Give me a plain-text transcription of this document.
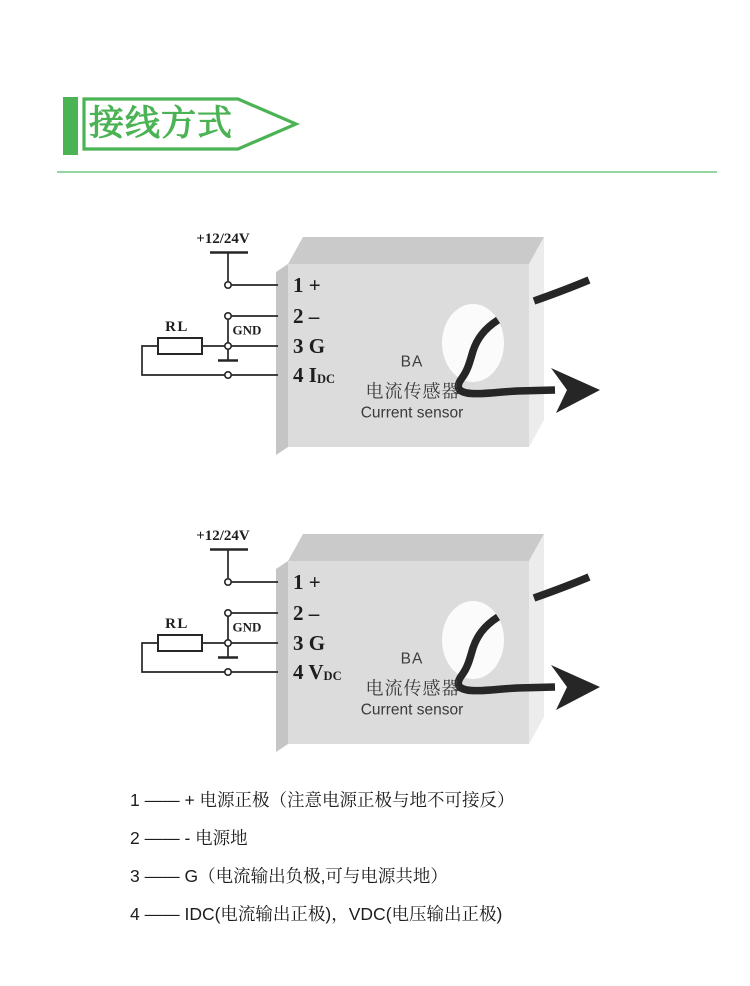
接线方式
BA
电流传感器
Current sensor
1 +
2 –
3 G
4 IDC
+12/24V
GND
RL
BA
电流传感器
Current sensor
1 +
2 –
3 G
4 VDC
+12/24V
GND
RL
1 —— + 电源正极（注意电源正极与地不可接反）
2 —— - 电源地
3 —— G（电流输出负极,可与电源共地）
4 —— IDC(电流输出正极)，VDC(电压输出正极)
